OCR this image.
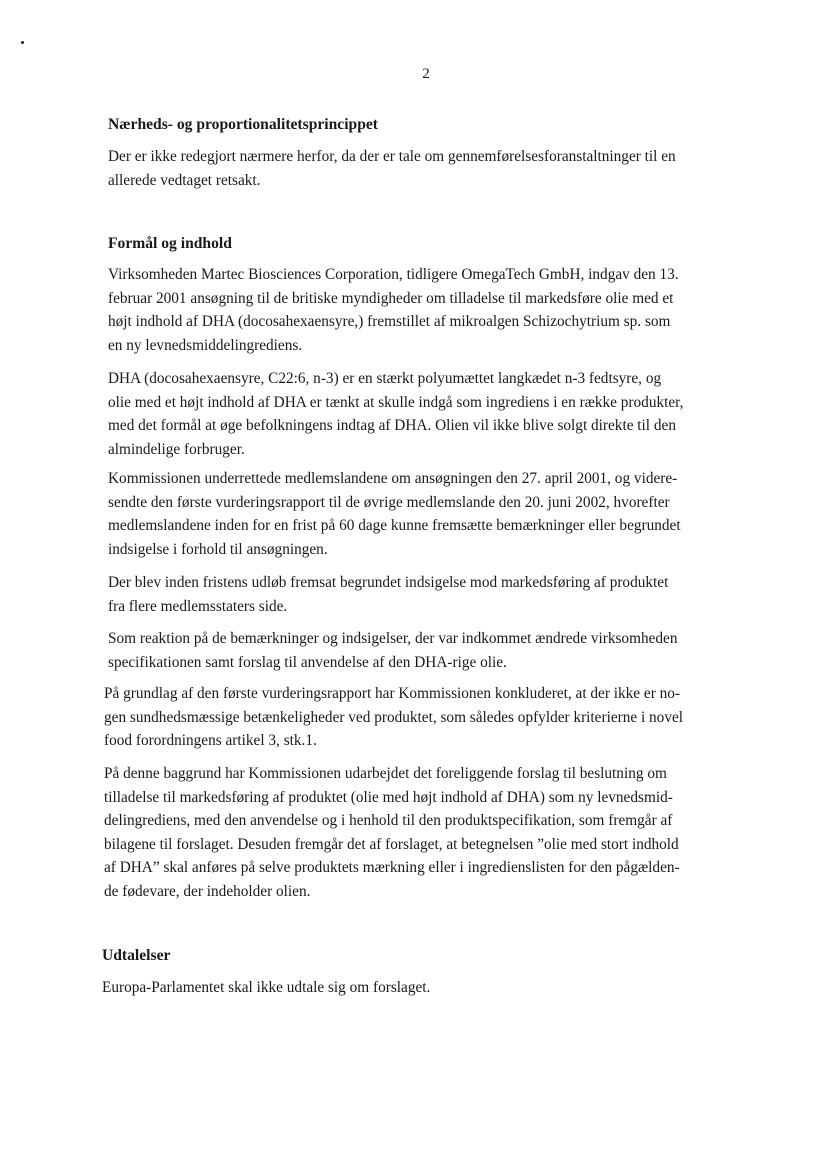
2
Nærheds- og proportionalitetsprincippet

Der er ikke redegjort nærmere herfor, da der er tale om gennemførelsesforanstaltninger til en

allerede vedtaget retsakt.

Formål og indhold

Virksomheden Martec Biosciences Corporation, tidligere OmegaTech GmbH, indgav den 13.

februar 2001 ansøgning til de britiske myndigheder om tilladelse til markedsføre olie med et

højt indhold af DHA (docosahexaensyre,) fremstillet af mikroalgen Schizochytrium sp. som

en ny levnedsmiddelingrediens.

DHA (docosahexaensyre, C22:6, n-3) er en stærkt polyumættet langkædet n-3 fedtsyre, og

olie med et højt indhold af DHA er tænkt at skulle indgå som ingrediens i en række produkter,

med det formål at øge befolkningens indtag af DHA. Olien vil ikke blive solgt direkte til den

almindelige forbruger.

Kommissionen underrettede medlemslandene om ansøgningen den 27. april 2001, og videre-

sendte den første vurderingsrapport til de øvrige medlemslande den 20. juni 2002, hvorefter

medlemslandene inden for en frist på 60 dage kunne fremsætte bemærkninger eller begrundet

indsigelse i forhold til ansøgningen.

Der blev inden fristens udløb fremsat begrundet indsigelse mod markedsføring af produktet

fra flere medlemsstaters side.

Som reaktion på de bemærkninger og indsigelser, der var indkommet ændrede virksomheden

specifikationen samt forslag til anvendelse af den DHA-rige olie.

På grundlag af den første vurderingsrapport har Kommissionen konkluderet, at der ikke er no-

gen sundhedsmæssige betænkeligheder ved produktet, som således opfylder kriterierne i novel

food forordningens artikel 3, stk.1.

På denne baggrund har Kommissionen udarbejdet det foreliggende forslag til beslutning om

tilladelse til markedsføring af produktet (olie med højt indhold af DHA) som ny levnedsmid-

delingrediens, med den anvendelse og i henhold til den produktspecifikation, som fremgår af

bilagene til forslaget. Desuden fremgår det af forslaget, at betegnelsen ”olie med stort indhold

af DHA” skal anføres på selve produktets mærkning eller i ingredienslisten for den pågælden-

de fødevare, der indeholder olien.

Udtalelser

Europa-Parlamentet skal ikke udtale sig om forslaget.
